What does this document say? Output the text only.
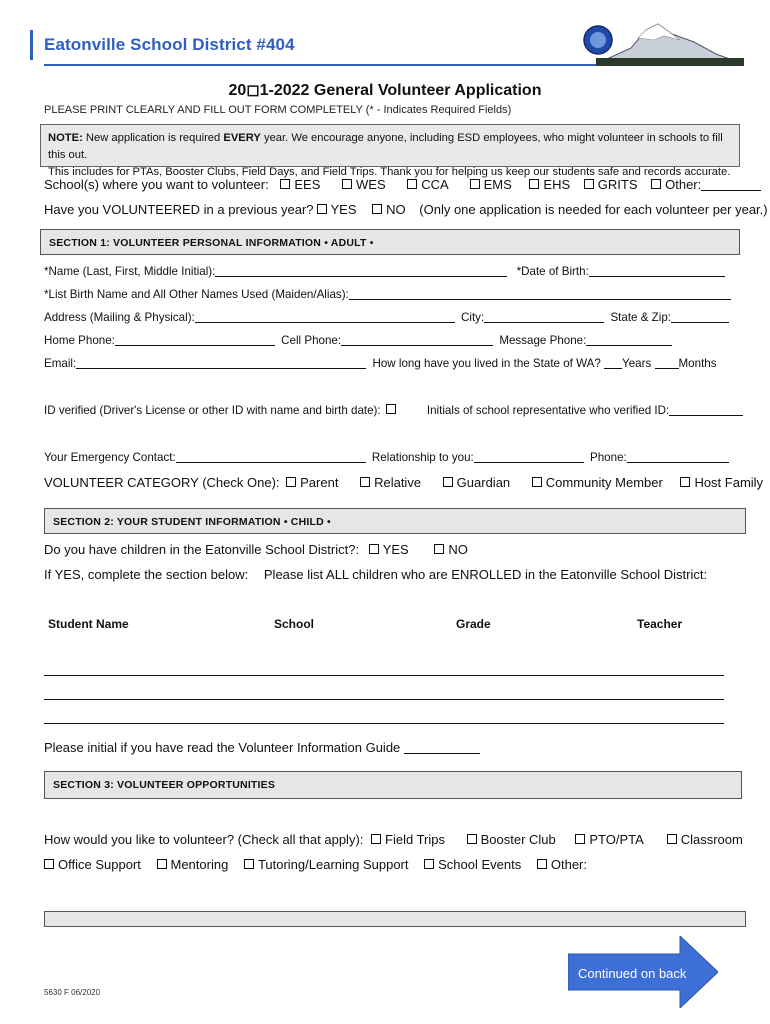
Eatonville School District #404
20◻1-2022 General Volunteer Application
PLEASE PRINT CLEARLY AND FILL OUT FORM COMPLETELY (* - Indicates Required Fields)
NOTE: New application is required EVERY year. We encourage anyone, including ESD employees, who might volunteer in schools to fill this out.
This includes for PTAs, Booster Clubs, Field Days, and Field Trips. Thank you for helping us keep our students safe and records accurate.
School(s) where you want to volunteer: EES	WES	CCA	EMS EHS GRITS Other:
Have you VOLUNTEERED in a previous year? YES NO (Only one application is needed for each volunteer per year.)
SECTION 1: VOLUNTEER PERSONAL INFORMATION • ADULT •
*Name (Last, First, Middle Initial):	*Date of Birth:
*List Birth Name and All Other Names Used (Maiden/Alias):
Address (Mailing & Physical):	City:	State & Zip:
Home Phone:	Cell Phone:	Message Phone:
Email:	How long have you lived in the State of WA? Years Months
ID verified (Driver's License or other ID with name and birth date):	Initials of school representative who verified ID:
Your Emergency Contact:	Relationship to you:	Phone:
VOLUNTEER CATEGORY (Check One): Parent	Relative	Guardian	Community Member Host Family
SECTION 2: YOUR STUDENT INFORMATION • CHILD •
Do you have children in the Eatonville School District?: YES	NO
If YES, complete the section below: Please list ALL children who are ENROLLED in the Eatonville School District:
Student Name	School	Grade	Teacher
Please initial if you have read the Volunteer Information Guide
SECTION 3: VOLUNTEER OPPORTUNITIES
How would you like to volunteer? (Check all that apply): Field Trips	Booster Club	PTO/PTA	Classroom
Office Support Mentoring Tutoring/Learning Support School Events Other:
Continued on back
5630 F 06/2020
